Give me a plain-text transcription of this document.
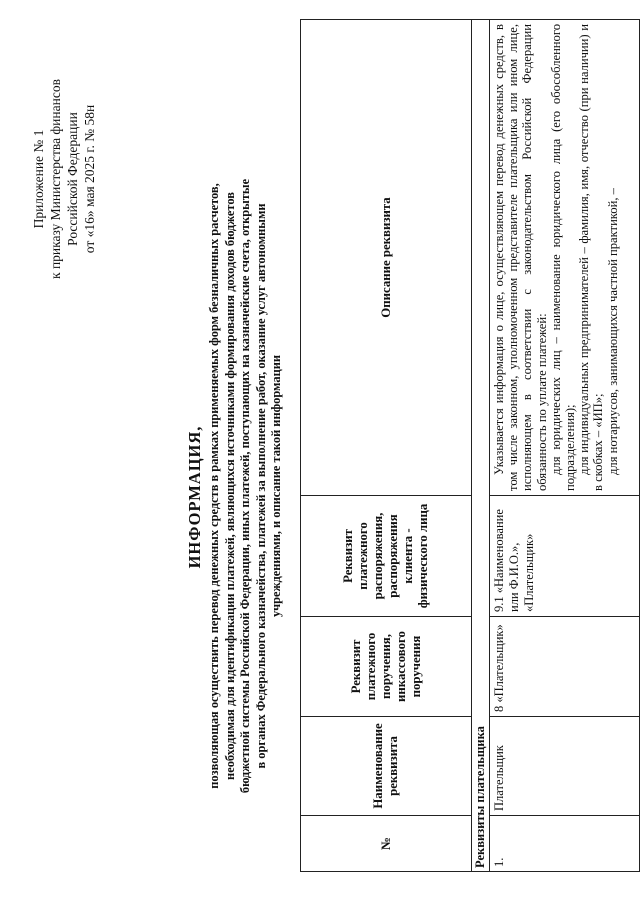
Приложение № 1 к приказу Министерства финансов Российской Федерации от «16» мая 2025 г. № 58н
ИНФОРМАЦИЯ, позволяющая осуществить перевод денежных средств в рамках применяемых форм безналичных расчетов, необходимая для идентификации платежей, являющихся источниками формирования доходов бюджетов бюджетной системы Российской Федерации, иных платежей, поступающих на казначейские счета, открытые в органах Федерального казначейства, платежей за выполнение работ, оказание услуг автономными учреждениями, и описание такой информации
№	Наименование реквизита	Реквизит платежного поручения, инкассового поручения	Реквизит платежного распоряжения, распоряжения клиента - физического лица	Описание реквизита
Реквизиты плательщика				
1.	Плательщик	8 «Плательщик»	9.1 «Наименование или Ф.И.О.», «Плательщик»	Указывается информация о лице, осуществляющем перевод денежных средств, в том числе законном, уполномоченном представителе плательщика или ином лице, исполняющем в соответствии с законодательством Российской Федерации обязанность по уплате платежей: для юридических лиц – наименование юридического лица (его обособленного подразделения); для индивидуальных предпринимателей – фамилия, имя, отчество (при наличии) и в скобках – «ИП»; для нотариусов, занимающихся частной практикой, –
